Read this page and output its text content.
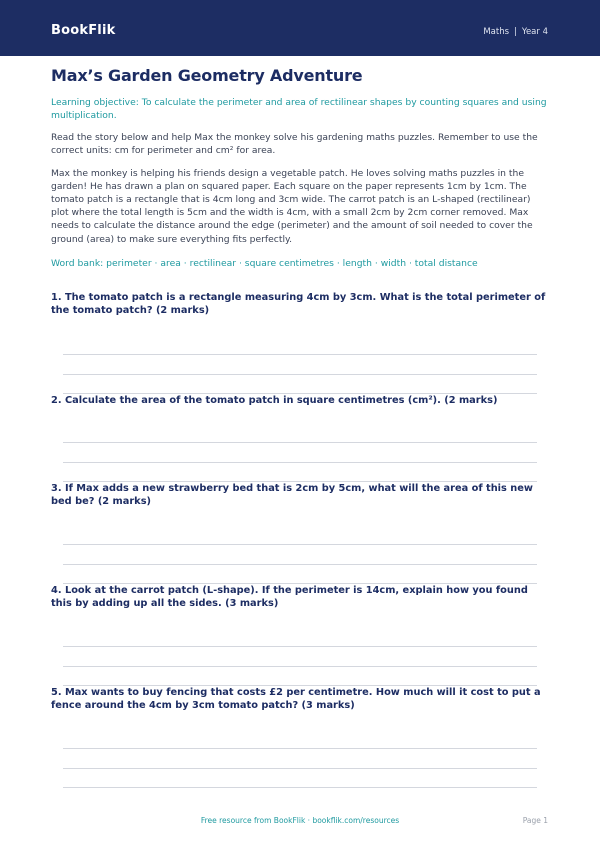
BookFlik	Maths | Year 4
Max’s Garden Geometry Adventure
Learning objective: To calculate the perimeter and area of rectilinear shapes by counting squares and using multiplication.
Read the story below and help Max the monkey solve his gardening maths puzzles. Remember to use the correct units: cm for perimeter and cm² for area.
Max the monkey is helping his friends design a vegetable patch. He loves solving maths puzzles in the garden! He has drawn a plan on squared paper. Each square on the paper represents 1cm by 1cm. The tomato patch is a rectangle that is 4cm long and 3cm wide. The carrot patch is an L-shaped (rectilinear) plot where the total length is 5cm and the width is 4cm, with a small 2cm by 2cm corner removed. Max needs to calculate the distance around the edge (perimeter) and the amount of soil needed to cover the ground (area) to make sure everything fits perfectly.
Word bank: perimeter · area · rectilinear · square centimetres · length · width · total distance
1. The tomato patch is a rectangle measuring 4cm by 3cm. What is the total perimeter of the tomato patch? (2 marks)
2. Calculate the area of the tomato patch in square centimetres (cm²). (2 marks)
3. If Max adds a new strawberry bed that is 2cm by 5cm, what will the area of this new bed be? (2 marks)
4. Look at the carrot patch (L-shape). If the perimeter is 14cm, explain how you found this by adding up all the sides. (3 marks)
5. Max wants to buy fencing that costs £2 per centimetre. How much will it cost to put a fence around the 4cm by 3cm tomato patch? (3 marks)
Free resource from BookFlik · bookflik.com/resources	Page 1
